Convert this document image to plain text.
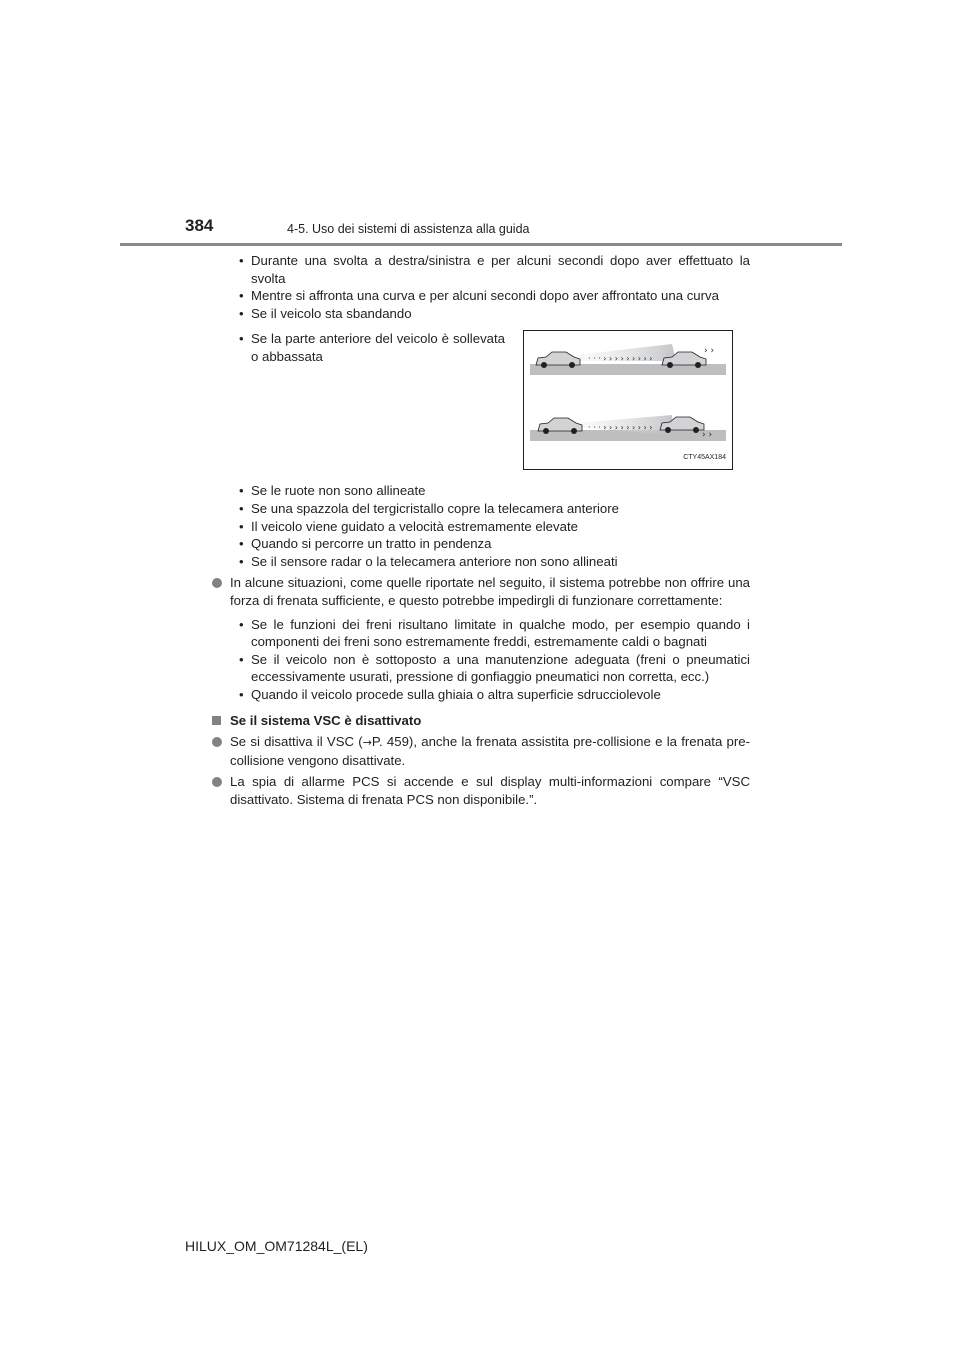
384	4-5. Uso dei sistemi di assistenza alla guida
• Durante una svolta a destra/sinistra e per alcuni secondi dopo aver effettuato la svolta
• Mentre si affronta una curva e per alcuni secondi dopo aver affrontato una curva
• Se il veicolo sta sbandando
• Se la parte anteriore del veicolo è sollevata o abbassata	· · · › › › › › › › › ›
› ›
· · · › › › › › › › › ›
› ›
CTY45AX184
• Se le ruote non sono allineate
• Se una spazzola del tergicristallo copre la telecamera anteriore
• Il veicolo viene guidato a velocità estremamente elevate
• Quando si percorre un tratto in pendenza
• Se il sensore radar o la telecamera anteriore non sono allineati
In alcune situazioni, come quelle riportate nel seguito, il sistema potrebbe non offrire una forza di frenata sufficiente, e questo potrebbe impedirgli di funzionare correttamente:
• Se le funzioni dei freni risultano limitate in qualche modo, per esempio quando i componenti dei freni sono estremamente freddi, estremamente caldi o bagnati
• Se il veicolo non è sottoposto a una manutenzione adeguata (freni o pneumatici eccessivamente usurati, pressione di gonfiaggio pneumatici non corretta, ecc.)
• Quando il veicolo procede sulla ghiaia o altra superficie sdrucciolevole
Se il sistema VSC è disattivato
Se si disattiva il VSC (→P. 459), anche la frenata assistita pre-collisione e la frenata pre-collisione vengono disattivate.
La spia di allarme PCS si accende e sul display multi-informazioni compare “VSC disattivato. Sistema di frenata PCS non disponibile.”.
HILUX_OM_OM71284L_(EL)
